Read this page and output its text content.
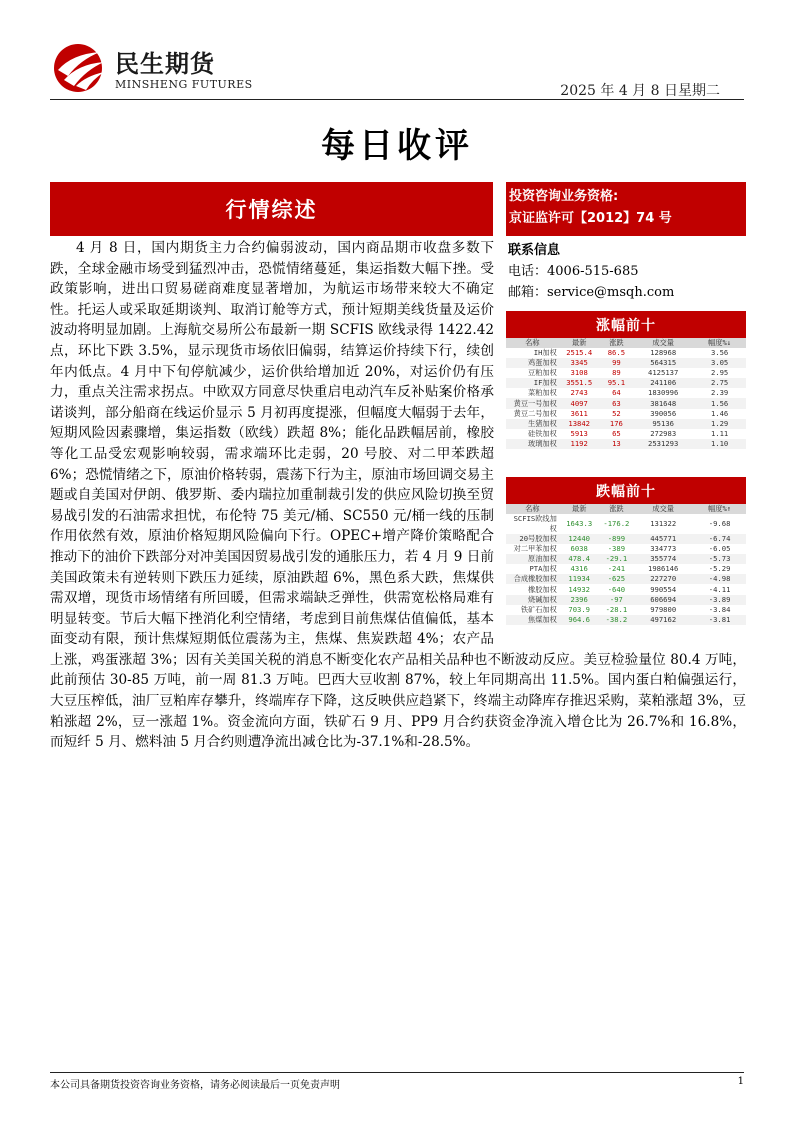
民生期货
MINSHENG FUTURES	2025 年 4 月 8 日星期二
每日收评
行情综述
投资咨询业务资格:
京证监许可【2012】74 号
联系信息
电话：4006-515-685
邮箱：service@msqh.com
4 月 8 日，国内期货主力合约偏弱波动，国内商品期市收盘多数下跌，全球金融市场受到猛烈冲击，恐慌情绪蔓延，集运指数大幅下挫。受政策影响，进出口贸易磋商难度显著增加，为航运市场带来较大不确定性。托运人或采取延期谈判、取消订舱等方式，预计短期美线货量及运价波动将明显加剧。上海航交易所公布最新一期 SCFIS 欧线录得 1422.42 点，环比下跌 3.5%，显示现货市场依旧偏弱，结算运价持续下行，续创年内低点。4 月中下旬停航减少，运价供给增加近 20%，对运价仍有压力，重点关注需求拐点。中欧双方同意尽快重启电动汽车反补贴案价格承诺谈判，部分船商在线运价显示 5 月初再度提涨，但幅度大幅弱于去年，短期风险因素骤增，集运指数（欧线）跌超 8%；能化品跌幅居前，橡胶等化工品受宏观影响较弱，需求端环比走弱，20 号胶、对二甲苯跌超 6%；恐慌情绪之下，原油价格转弱，震荡下行为主，原油市场回调交易主题或自美国对伊朗、俄罗斯、委内瑞拉加重制裁引发的供应风险切换至贸易战引发的石油需求担忧，布伦特 75 美元/桶、SC550 元/桶一线的压制作用依然有效，原油价格短期风险偏向下行。OPEC+增产降价策略配合推动下的油价下跌部分对冲美国因贸易战引发的通胀压力，若 4 月 9 日前美国政策未有逆转则下跌压力延续，原油跌超 6%，黑色系大跌，焦煤供需双增，现货市场情绪有所回暖，但需求端缺乏弹性，供需宽松格局难有明显转变。节后大幅下挫消化利空情绪，考虑到目前焦煤估值偏低，基本面变动有限，预计焦煤短期低位震荡为主，焦煤、焦炭跌超 4%；农产品上涨，鸡蛋涨超 3%；因有关美国关税的消息不断变化农产品相关品种也不断波动反应。美豆检验量位 80.4 万吨，此前预估 30-85 万吨，前一周 81.3 万吨。巴西大豆收割 87%，较上年同期高出 11.5%。国内蛋白粕偏强运行，大豆压榨低，油厂豆粕库存攀升，终端库存下降，这反映供应趋紧下，终端主动降库存推迟采购，菜粕涨超 3%，豆粕涨超 2%，豆一涨超 1%。资金流向方面，铁矿石 9 月、PP9 月合约获资金净流入增仓比为 26.7%和 16.8%，而短纤 5 月、燃料油 5 月合约则遭净流出减仓比为-37.1%和-28.5%。
涨幅前十
名称	最新	涨跌	成交量	幅度%↓
IH加权	2515.4	86.5	128968	3.56
鸡蛋加权	3345	99	564315	3.05
豆粕加权	3108	89	4125137	2.95
IF加权	3551.5	95.1	241106	2.75
菜粕加权	2743	64	1830996	2.39
黄豆一号加权	4097	63	381648	1.56
黄豆二号加权	3611	52	390056	1.46
生猪加权	13842	176	95136	1.29
硅铁加权	5913	65	272983	1.11
玻璃加权	1192	13	2531293	1.10
跌幅前十
名称	最新	涨跌	成交量	幅度%↑
SCFIS欧线加权	1643.3	-176.2	131322	-9.68
20号胶加权	12440	-899	445771	-6.74
对二甲苯加权	6038	-389	334773	-6.05
原油加权	478.4	-29.1	355774	-5.73
PTA加权	4316	-241	1986146	-5.29
合成橡胶加权	11934	-625	227270	-4.98
橡胶加权	14932	-640	990554	-4.11
烧碱加权	2396	-97	606694	-3.89
铁矿石加权	703.9	-28.1	979800	-3.84
焦煤加权	964.6	-38.2	497162	-3.81
本公司具备期货投资咨询业务资格，请务必阅读最后一页免责声明	1
